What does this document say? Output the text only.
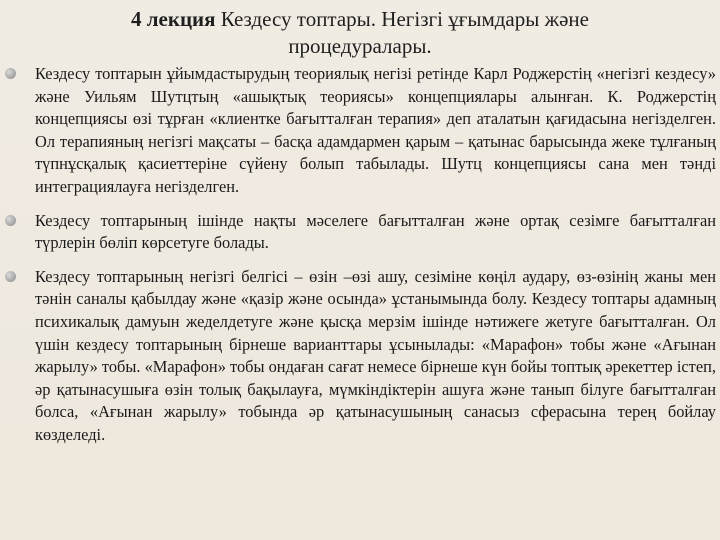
4 лекция Кездесу топтары. Негізгі ұғымдары және процедуралары.
Кездесу топтарын ұйымдастырудың теориялық негізі ретінде Карл Роджерстің «негізгі кездесу» және Уильям Шутцтың «ашықтық теориясы» концепциялары алынған. К. Роджерстің концепциясы өзі тұрған «клиентке бағытталған терапия» деп аталатын қағидасына негізделген. Ол терапияның негізгі мақсаты – басқа адамдармен қарым – қатынас барысында жеке тұлғаның түпнұсқалық қасиеттеріне сүйену болып табылады. Шутц концепциясы сана мен тәнді интеграциялауға негізделген.
Кездесу топтарының ішінде нақты мәселеге бағытталған және ортақ сезімге бағытталған түрлерін бөліп көрсетуге болады.
Кездесу топтарының негізгі белгісі – өзін –өзі ашу, сезіміне көңіл аудару, өз-өзінің жаны мен тәнін саналы қабылдау және «қазір және осында» ұстанымында болу. Кездесу топтары адамның психикалық дамуын жеделдетуге және қысқа мерзім ішінде нәтижеге жетуге бағытталған. Ол үшін кездесу топтарының бірнеше варианттары ұсынылады: «Марафон» тобы және «Ағынан жарылу» тобы. «Марафон» тобы ондаған сағат немесе бірнеше күн бойы топтық әрекеттер істеп, әр қатынасушыға өзін толық бақылауға, мүмкіндіктерін ашуға және танып білуге бағытталған болса, «Ағынан жарылу» тобында әр қатынасушының санасыз сферасына терең бойлау көзделеді.
